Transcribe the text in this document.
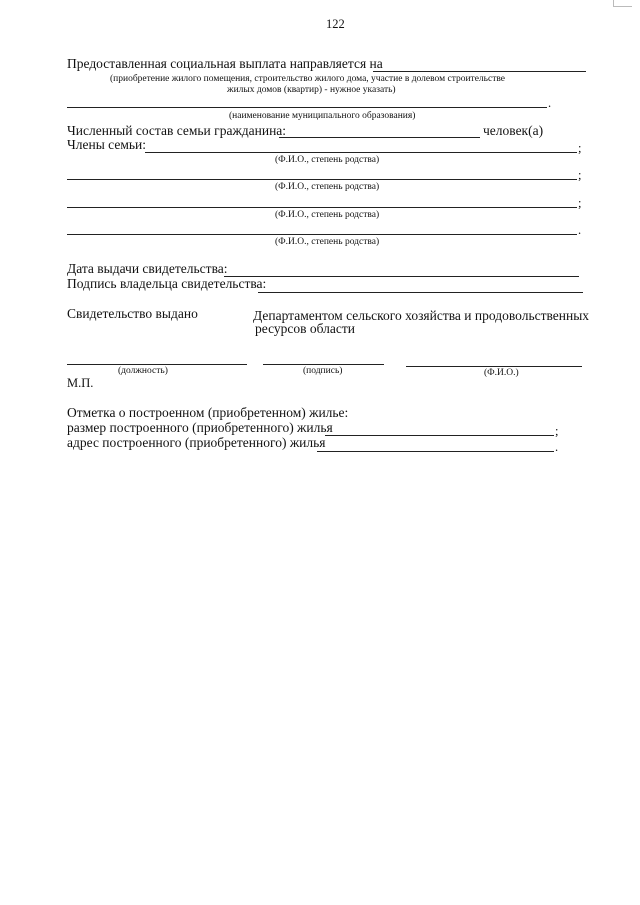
122
Предоставленная социальная выплата направляется на
(приобретение жилого помещения, строительство жилого дома, участие в долевом строительстве
жилых домов (квартир) - нужное указать)
.
(наименование муниципального образования)
Численный состав семьи гражданина:	человек(а)
Члены семьи:	;
(Ф.И.О., степень родства)
;
(Ф.И.О., степень родства)
;
(Ф.И.О., степень родства)
.
(Ф.И.О., степень родства)
Дата выдачи свидетельства:
Подпись владельца свидетельства:
Свидетельство выдано	Департаментом сельского хозяйства и продовольственных
ресурсов области
(должность)	(подпись)	(Ф.И.О.)
М.П.
Отметка о построенном (приобретенном) жилье:
размер построенного (приобретенного) жилья	;
адрес построенного (приобретенного) жилья	.
